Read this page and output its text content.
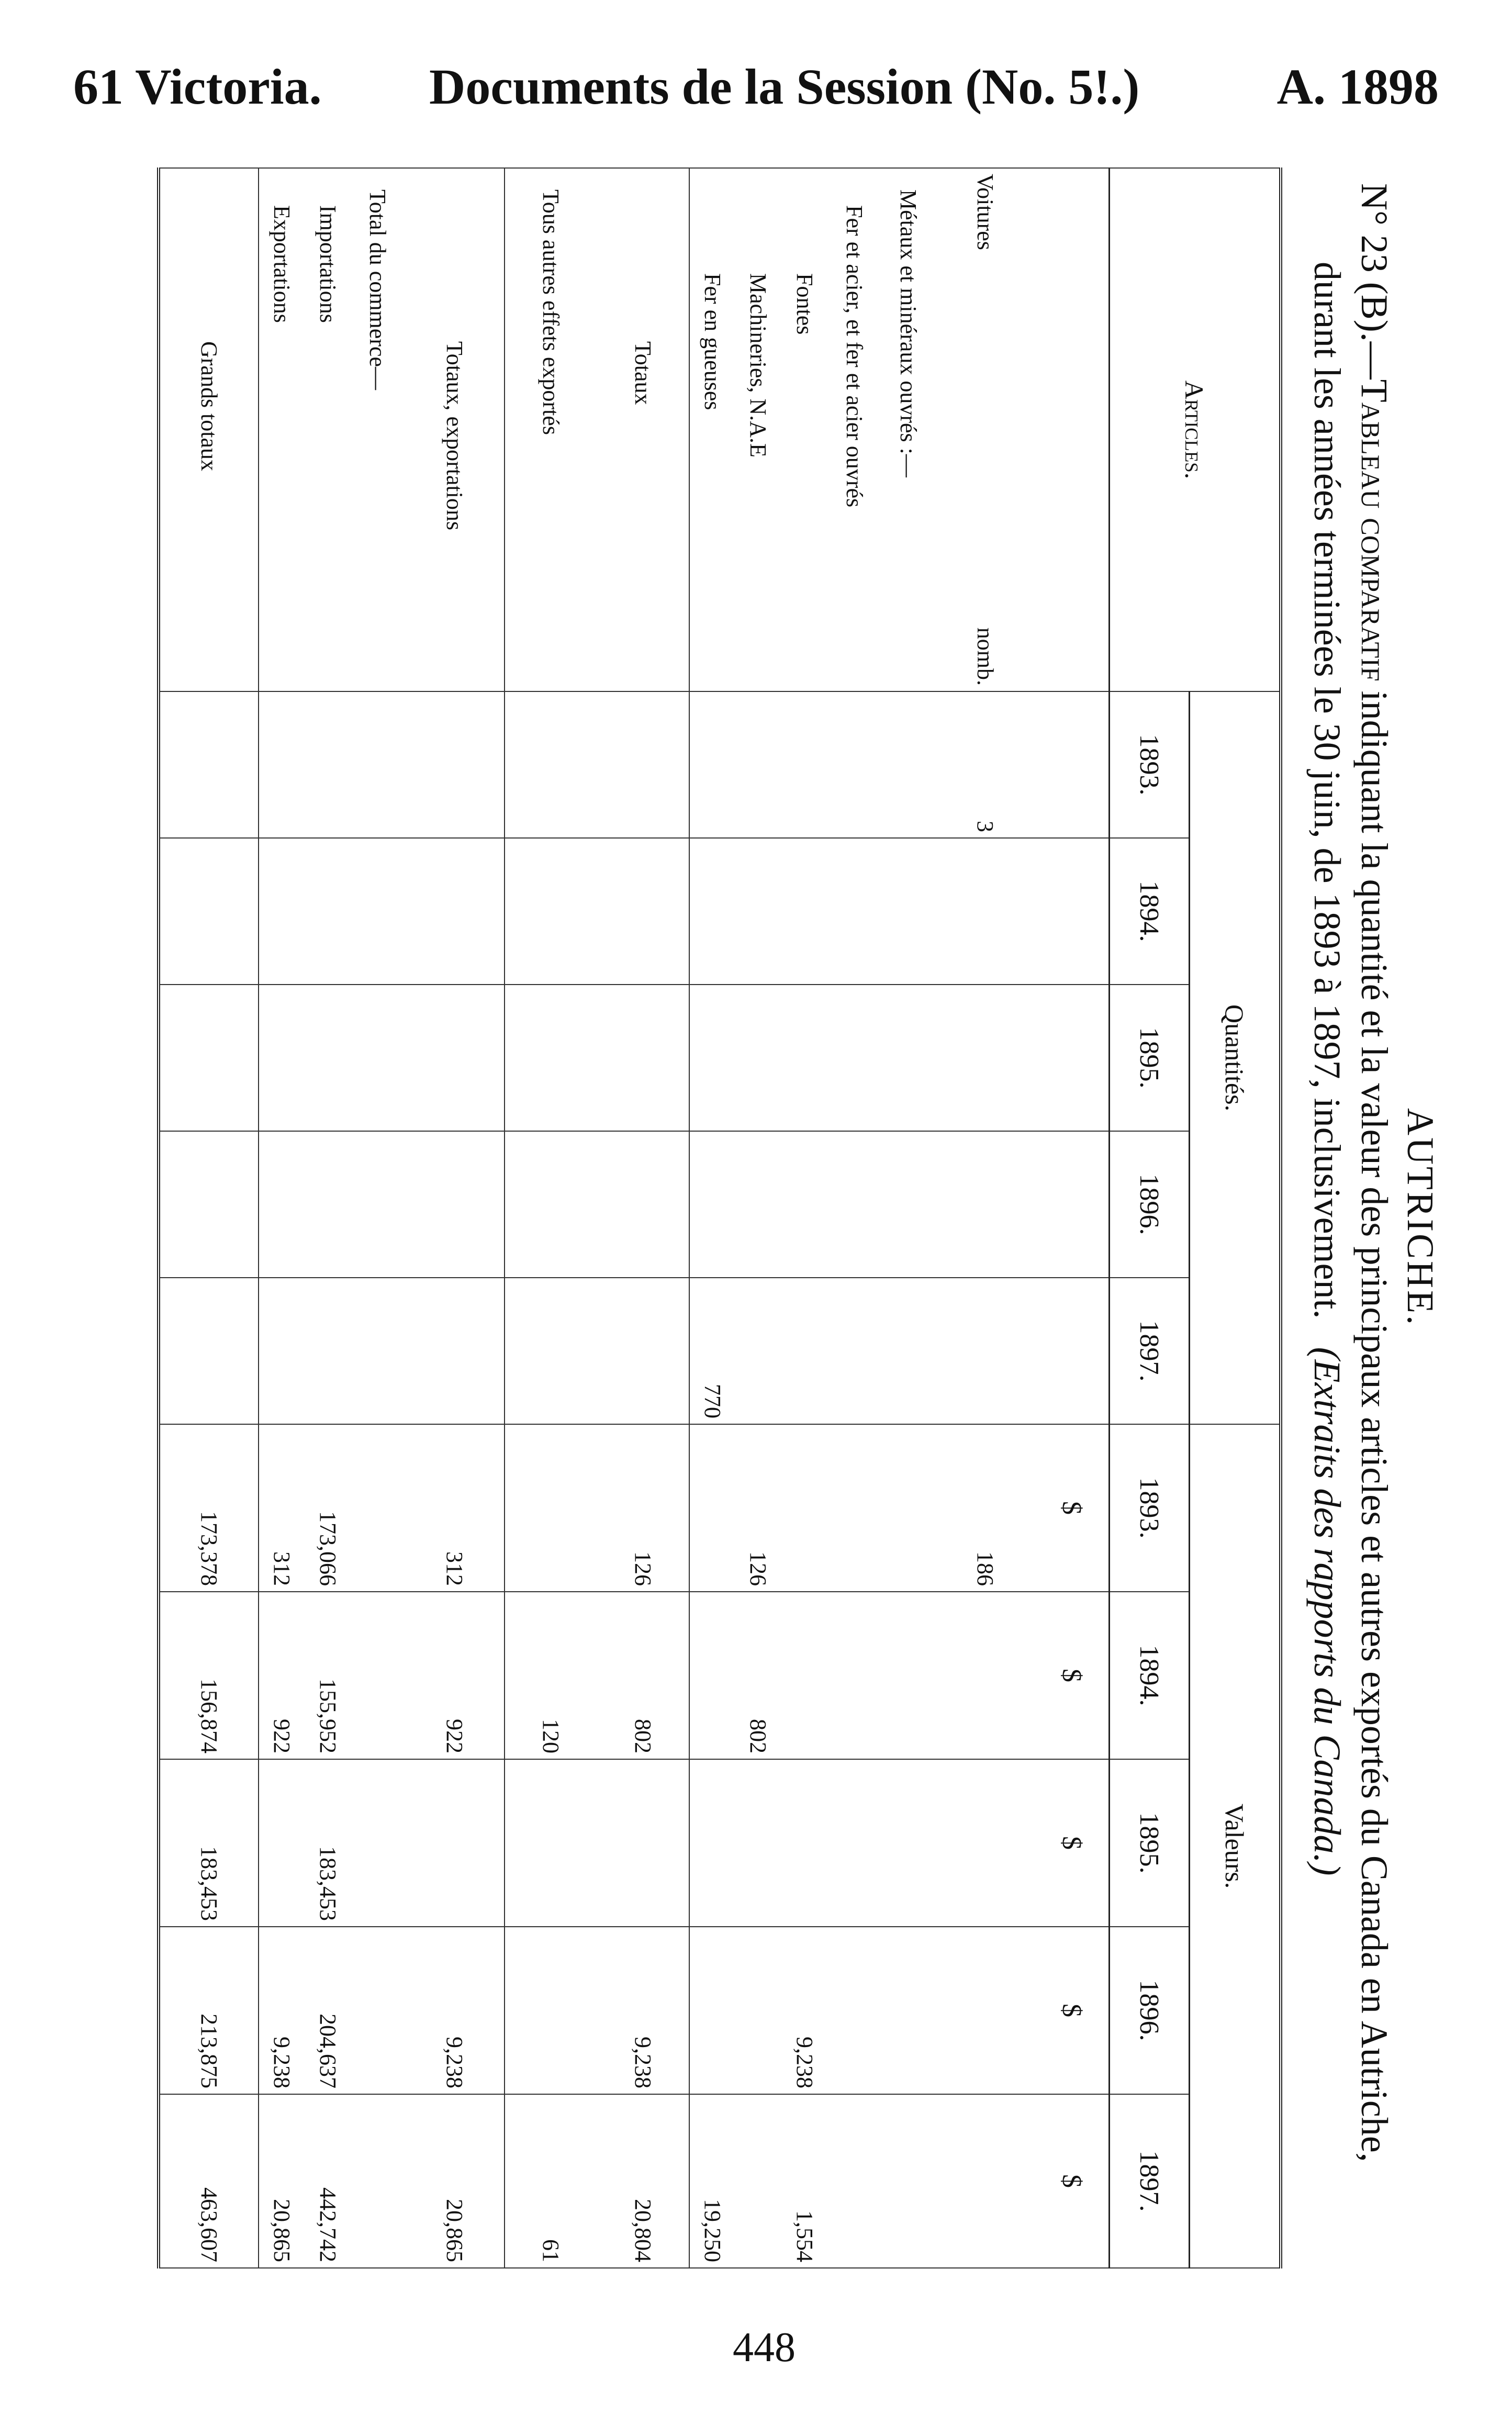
61 Victoria. Documents de la Session (No. 5!.)	A. 1898
AUTRICHE.
N° 23 (B).—Tableau comparatif indiquant la quantité et la valeur des principaux articles et autres exportés du Canada en Autriche,
durant les années terminées le 30 juin, de 1893 à 1897, inclusivement.   (Extraits des rapports du Canada.)
Articles.	Quantités.					Valeurs.				
	1893.	1894.	1895.	1896.	1897.	1893.	1894.	1895.	1896.	1897.
						$	$	$	$	$
Voitures
nomb.	3					186				
Métaux et minéraux ouvrés :—										
Fer et acier, et fer et acier ouvrés										
Fontes									9,238	1,554
Machineries, N.A.E						126	802			
Fer en gueuses					770					19,250
Totaux						126	802		9,238	20,804
Tous autres effets exportés							120			61
Totaux, exportations						312	922		9,238	20,865
Total du commerce—										
Importations						173,066	155,952	183,453	204,637	442,742
Exportations						312	922		9,238	20,865
Grands totaux						173,378	156,874	183,453	213,875	463,607
448
